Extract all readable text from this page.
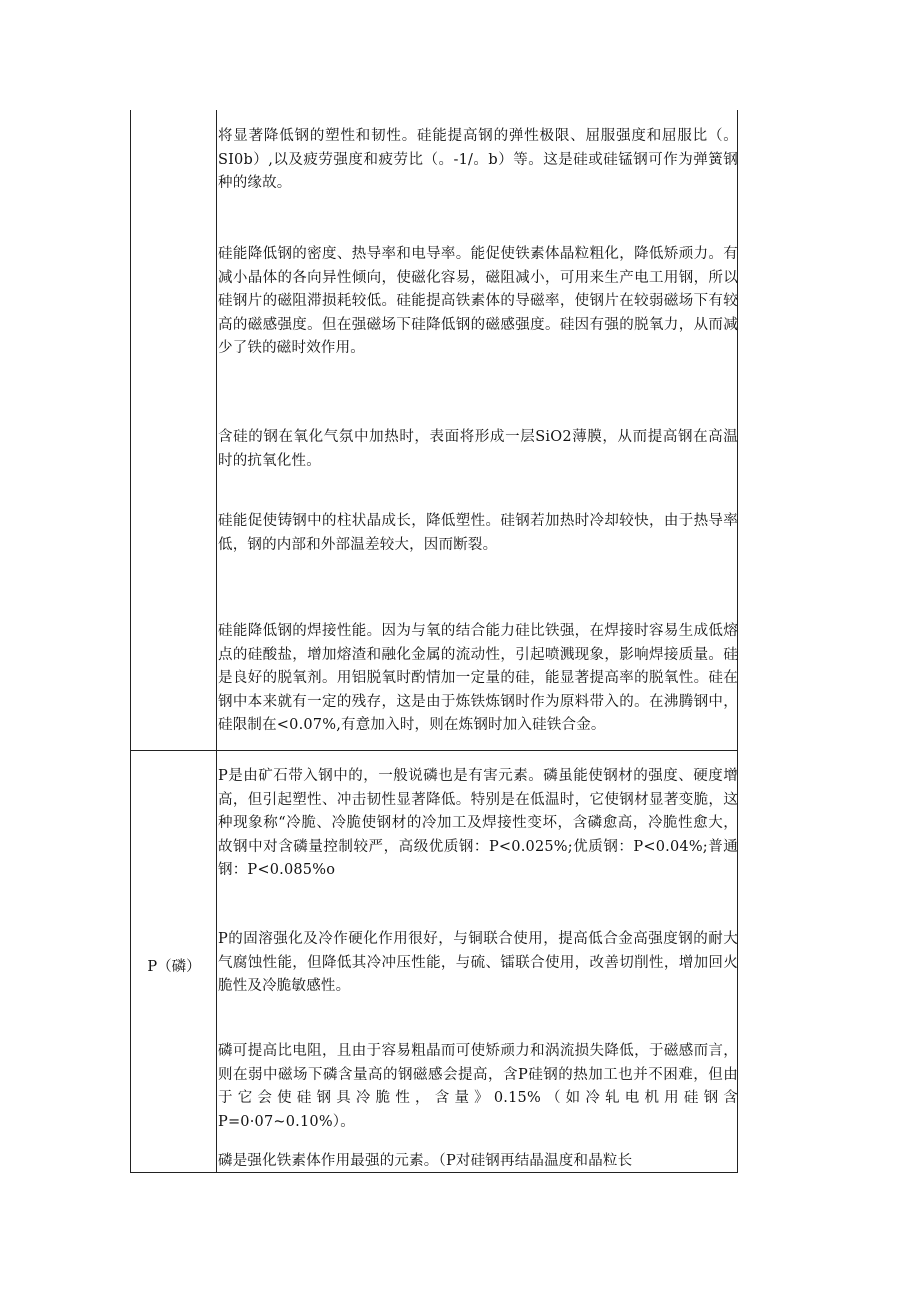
将显著降低钢的塑性和韧性。硅能提高钢的弹性极限、屈服强度和屈服比（。SI0b）,以及疲劳强度和疲劳比（。-1/。b）等。这是硅或硅锰钢可作为弹簧钢种的缘故。

硅能降低钢的密度、热导率和电导率。能促使铁素体晶粒粗化，降低矫顽力。有减小晶体的各向异性倾向，使磁化容易，磁阻减小，可用来生产电工用钢，所以硅钢片的磁阻滞损耗较低。硅能提高铁素体的导磁率，使钢片在较弱磁场下有较高的磁感强度。但在强磁场下硅降低钢的磁感强度。硅因有强的脱氧力，从而减少了铁的磁时效作用。

含硅的钢在氧化气氛中加热时，表面将形成一层SiO2薄膜，从而提高钢在高温时的抗氧化性。

硅能促使铸钢中的柱状晶成长，降低塑性。硅钢若加热时冷却较快，由于热导率低，钢的内部和外部温差较大，因而断裂。

硅能降低钢的焊接性能。因为与氧的结合能力硅比铁强，在焊接时容易生成低熔点的硅酸盐，增加熔渣和融化金属的流动性，引起喷溅现象，影响焊接质量。硅是良好的脱氧剂。用铝脱氧时酌情加一定量的硅，能显著提高率的脱氧性。硅在钢中本来就有一定的残存，这是由于炼铁炼钢时作为原料带入的。在沸腾钢中，硅限制在<0.07%,有意加入时，则在炼钢时加入硅铁合金。

P（磷）

P是由矿石带入钢中的，一般说磷也是有害元素。磷虽能使钢材的强度、硬度增高，但引起塑性、冲击韧性显著降低。特别是在低温时，它使钢材显著变脆，这种现象称“冷脆、冷脆使钢材的冷加工及焊接性变坏，含磷愈高，冷脆性愈大，故钢中对含磷量控制较严，高级优质钢：P<0.025%;优质钢：P<0.04%;普通钢：P<0.085%o

P的固溶强化及冷作硬化作用很好，与铜联合使用，提高低合金高强度钢的耐大气腐蚀性能，但降低其冷冲压性能，与硫、镭联合使用，改善切削性，增加回火脆性及冷脆敏感性。

磷可提高比电阻，且由于容易粗晶而可使矫顽力和涡流损失降低，于磁感而言，则在弱中磁场下磷含量高的钢磁感会提高，含P硅钢的热加工也并不困难，但由于它会使硅钢具冷脆性，含量》0.15%（如冷轧电机用硅钢含P=0·07~0.10%）。

磷是强化铁素体作用最强的元素。（P对硅钢再结晶温度和晶粒长
